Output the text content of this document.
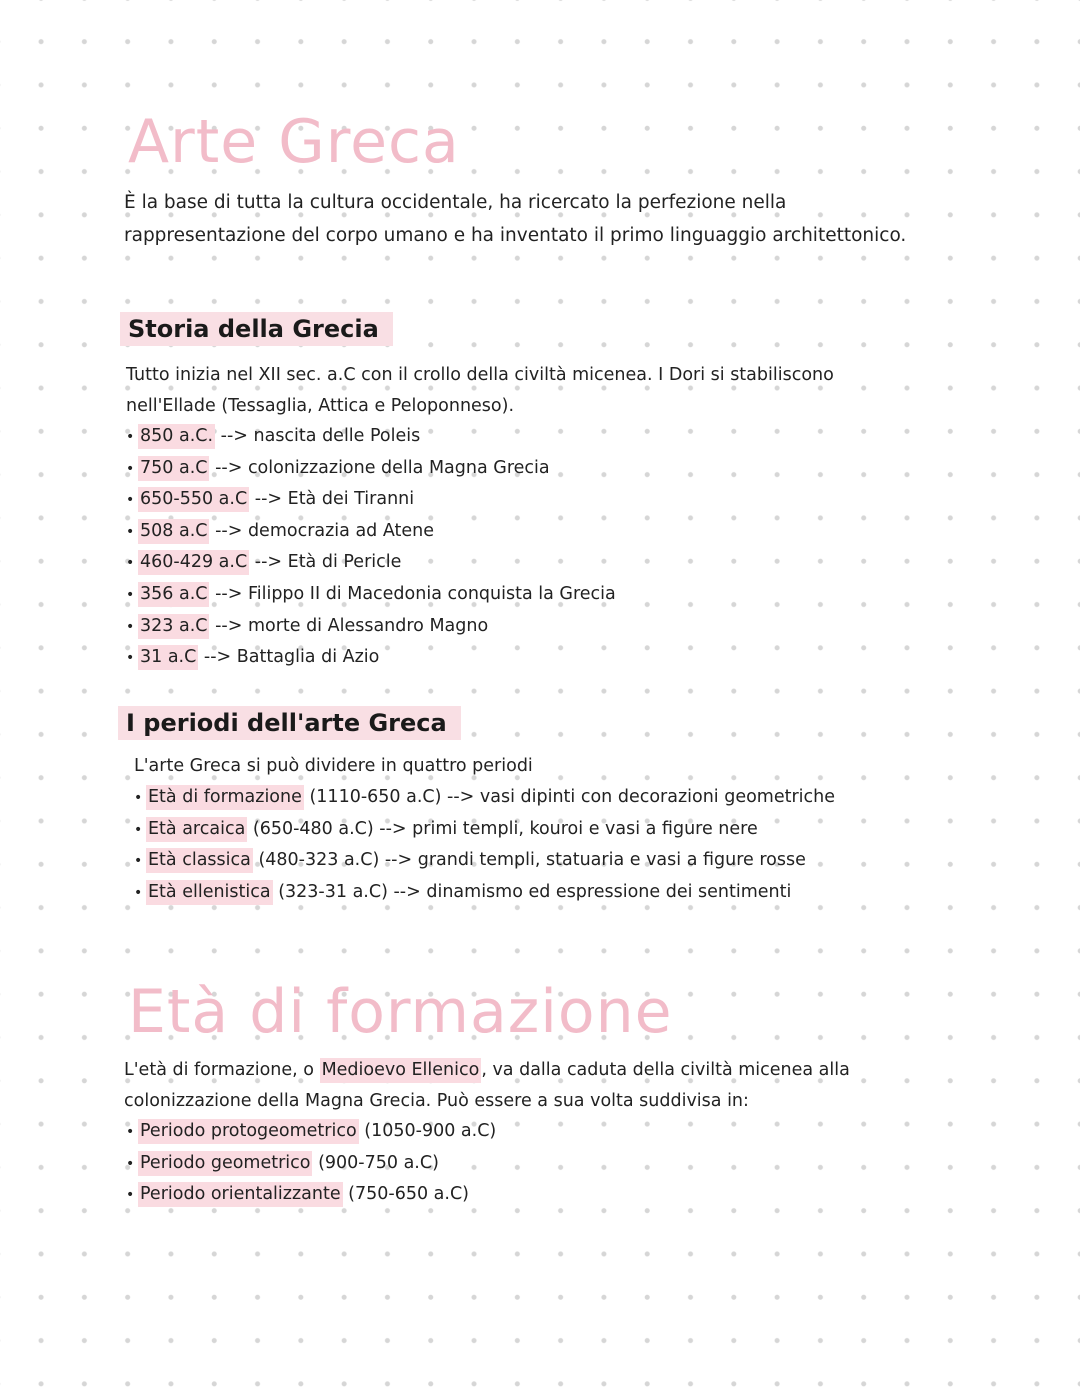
Arte Greca

È la base di tutta la cultura occidentale, ha ricercato la perfezione nella rappresentazione del corpo umano e ha inventato il primo linguaggio architettonico.

Storia della Grecia

Tutto inizia nel XII sec. a.C con il crollo della civiltà micenea. I Dori si stabiliscono nell'Ellade (Tessaglia, Attica e Peloponneso).

• 850 a.C. --> nascita delle Poleis
• 750 a.C --> colonizzazione della Magna Grecia
• 650-550 a.C --> Età dei Tiranni
• 508 a.C --> democrazia ad Atene
• 460-429 a.C --> Età di Pericle
• 356 a.C --> Filippo II di Macedonia conquista la Grecia
• 323 a.C --> morte di Alessandro Magno
• 31 a.C --> Battaglia di Azio
I periodi dell'arte Greca

L'arte Greca si può dividere in quattro periodi

• Età di formazione (1110-650 a.C) --> vasi dipinti con decorazioni geometriche
• Età arcaica (650-480 a.C) --> primi templi, kouroi e vasi a figure nere
• Età classica (480-323 a.C) --> grandi templi, statuaria e vasi a figure rosse
• Età ellenistica (323-31 a.C) --> dinamismo ed espressione dei sentimenti
Età di formazione

L'età di formazione, o Medioevo Ellenico , va dalla caduta della civiltà micenea alla colonizzazione della Magna Grecia. Può essere a sua volta suddivisa in:

• Periodo protogeometrico (1050-900 a.C)
• Periodo geometrico (900-750 a.C)
• Periodo orientalizzante (750-650 a.C)
